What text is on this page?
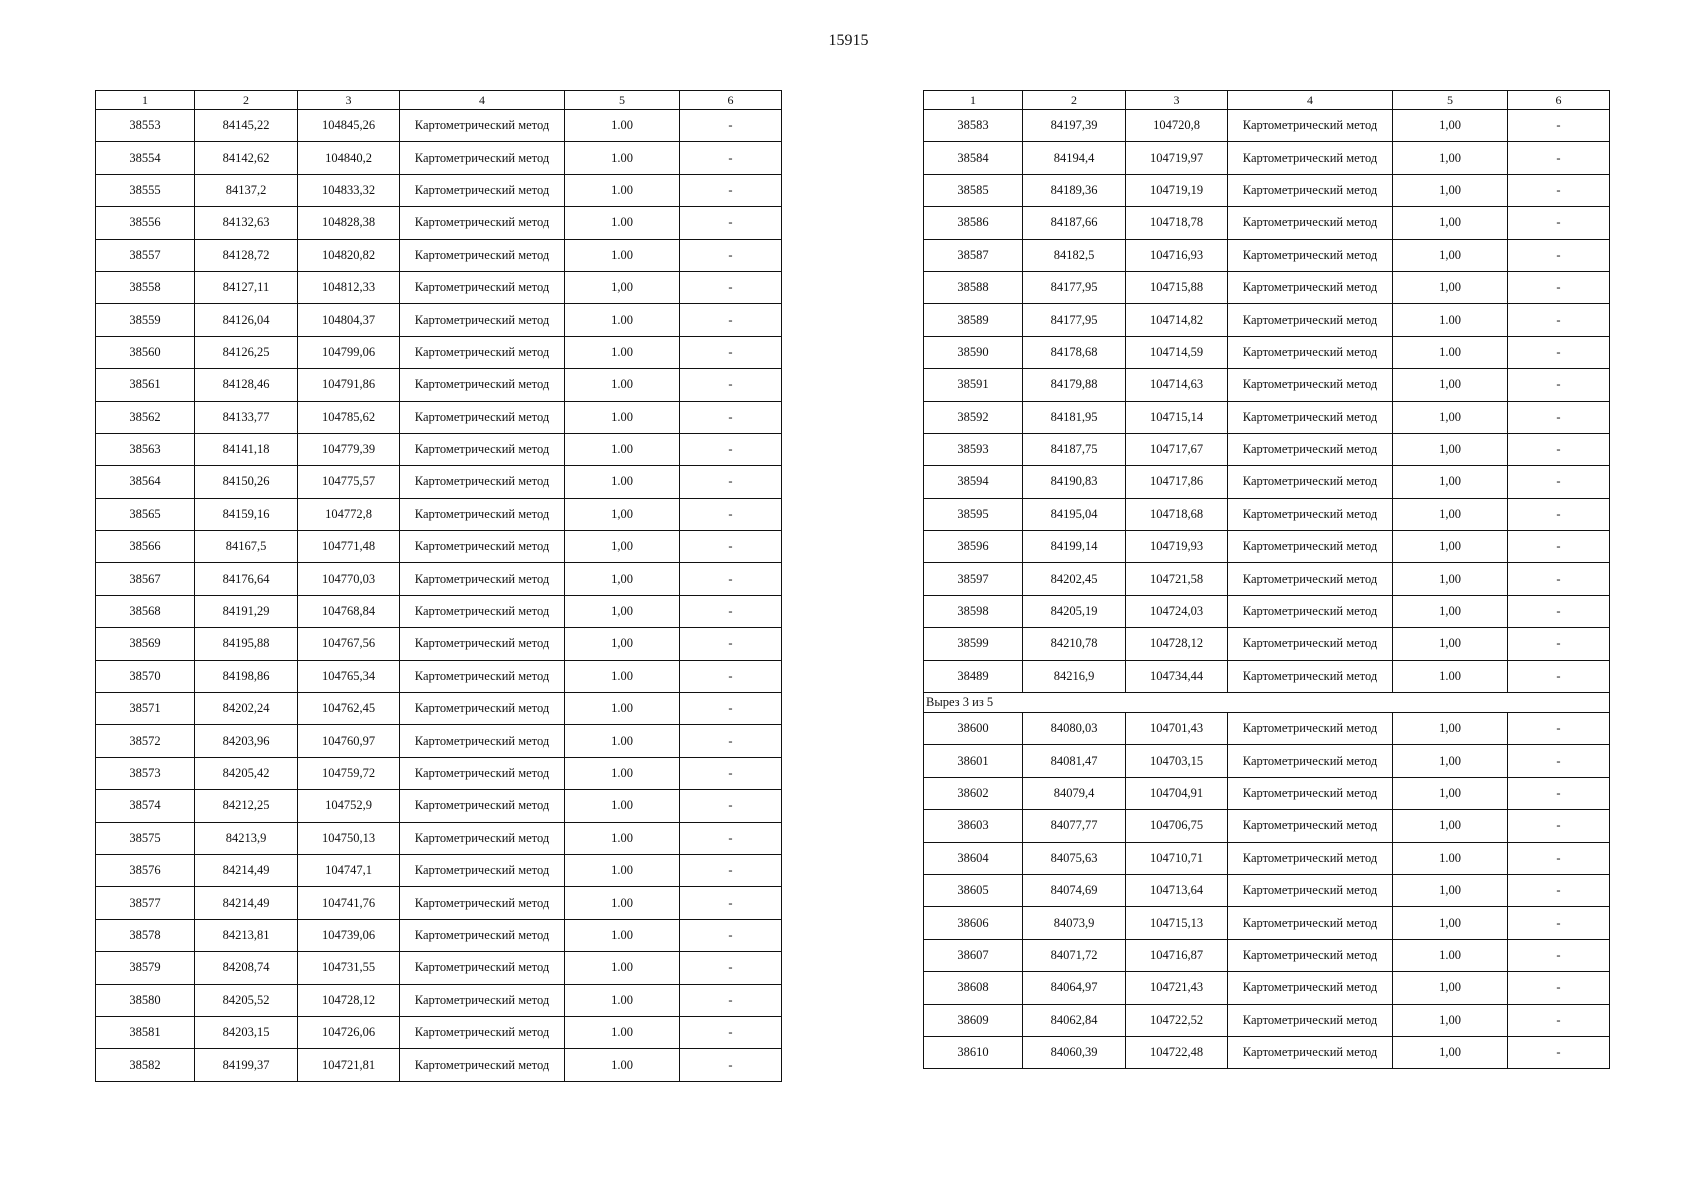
15915
1	2	3	4	5	6
38553	84145,22	104845,26	Картометрический метод	1.00	-
38554	84142,62	104840,2	Картометрический метод	1.00	-
38555	84137,2	104833,32	Картометрический метод	1.00	-
38556	84132,63	104828,38	Картометрический метод	1.00	-
38557	84128,72	104820,82	Картометрический метод	1.00	-
38558	84127,11	104812,33	Картометрический метод	1,00	-
38559	84126,04	104804,37	Картометрический метод	1.00	-
38560	84126,25	104799,06	Картометрический метод	1.00	-
38561	84128,46	104791,86	Картометрический метод	1.00	-
38562	84133,77	104785,62	Картометрический метод	1.00	-
38563	84141,18	104779,39	Картометрический метод	1.00	-
38564	84150,26	104775,57	Картометрический метод	1.00	-
38565	84159,16	104772,8	Картометрический метод	1,00	-
38566	84167,5	104771,48	Картометрический метод	1,00	-
38567	84176,64	104770,03	Картометрический метод	1,00	-
38568	84191,29	104768,84	Картометрический метод	1,00	-
38569	84195,88	104767,56	Картометрический метод	1,00	-
38570	84198,86	104765,34	Картометрический метод	1.00	-
38571	84202,24	104762,45	Картометрический метод	1.00	-
38572	84203,96	104760,97	Картометрический метод	1.00	-
38573	84205,42	104759,72	Картометрический метод	1.00	-
38574	84212,25	104752,9	Картометрический метод	1.00	-
38575	84213,9	104750,13	Картометрический метод	1.00	-
38576	84214,49	104747,1	Картометрический метод	1.00	-
38577	84214,49	104741,76	Картометрический метод	1.00	-
38578	84213,81	104739,06	Картометрический метод	1.00	-
38579	84208,74	104731,55	Картометрический метод	1.00	-
38580	84205,52	104728,12	Картометрический метод	1.00	-
38581	84203,15	104726,06	Картометрический метод	1.00	-
38582	84199,37	104721,81	Картометрический метод	1.00	-
1	2	3	4	5	6
38583	84197,39	104720,8	Картометрический метод	1,00	-
38584	84194,4	104719,97	Картометрический метод	1,00	-
38585	84189,36	104719,19	Картометрический метод	1,00	-
38586	84187,66	104718,78	Картометрический метод	1,00	-
38587	84182,5	104716,93	Картометрический метод	1,00	-
38588	84177,95	104715,88	Картометрический метод	1,00	-
38589	84177,95	104714,82	Картометрический метод	1.00	-
38590	84178,68	104714,59	Картометрический метод	1.00	-
38591	84179,88	104714,63	Картометрический метод	1,00	-
38592	84181,95	104715,14	Картометрический метод	1,00	-
38593	84187,75	104717,67	Картометрический метод	1,00	-
38594	84190,83	104717,86	Картометрический метод	1,00	-
38595	84195,04	104718,68	Картометрический метод	1,00	-
38596	84199,14	104719,93	Картометрический метод	1,00	-
38597	84202,45	104721,58	Картометрический метод	1,00	-
38598	84205,19	104724,03	Картометрический метод	1,00	-
38599	84210,78	104728,12	Картометрический метод	1,00	-
38489	84216,9	104734,44	Картометрический метод	1.00	-
Вырез 3 из 5					
38600	84080,03	104701,43	Картометрический метод	1,00	-
38601	84081,47	104703,15	Картометрический метод	1,00	-
38602	84079,4	104704,91	Картометрический метод	1,00	-
38603	84077,77	104706,75	Картометрический метод	1,00	-
38604	84075,63	104710,71	Картометрический метод	1.00	-
38605	84074,69	104713,64	Картометрический метод	1,00	-
38606	84073,9	104715,13	Картометрический метод	1,00	-
38607	84071,72	104716,87	Картометрический метод	1.00	-
38608	84064,97	104721,43	Картометрический метод	1,00	-
38609	84062,84	104722,52	Картометрический метод	1,00	-
38610	84060,39	104722,48	Картометрический метод	1,00	-
